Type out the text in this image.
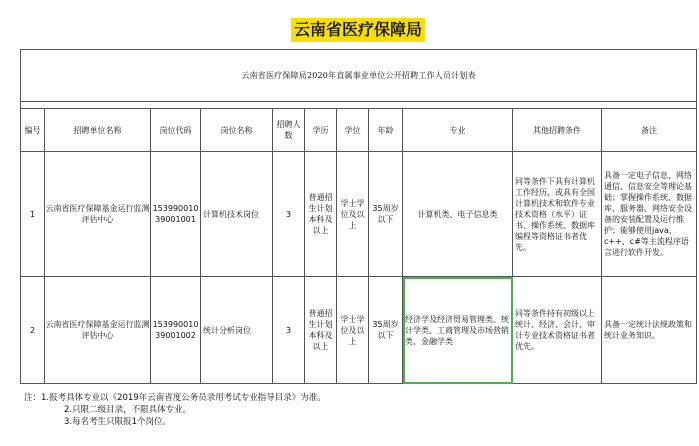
云南省医疗保障局
云南省医疗保障局2020年直属事业单位公开招聘工作人员计划表										

编号	招聘单位名称	岗位代码	岗位名称	招聘人数	学历	学位	年龄	专业	其他招聘条件	备注
1	云南省医疗保障基金运行监测评估中心	15399001039001001	计算机技术岗位	3	普通招生计划本科及以上	学士学位及以上	35周岁以下	计算机类、电子信息类	同等条件下具有计算机工作经历，或具有全国计算机技术和软件专业技术资格（水平）证书、操作系统、数据库编程等资格证书者优先。	具备一定电子信息、网络通信、信息安全等理论基础；掌握操作系统、数据库、服务器、网络安全设备的安装配置及运行维护；能够使用java、c++、c#等主流程序语言进行软件开发。
2	云南省医疗保障基金运行监测评估中心	15399001039001002	统计分析岗位	3	普通招生计划本科及以上	学士学位及以上	35周岁以下	经济学及经济贸易管理类、统计学类、工商管理及市场营销类、金融学类	同等条件持有初级以上统计、经济、会计、审计专业技术资格证书者优先。	具备一定统计法规政策和统计业务知识。
注：1.报考具体专业以《2019年云南省度公务员录用考试专业指导目录》为准。
2.只限二级目录，不限具体专业。
3.每名考生只限报1个岗位。
